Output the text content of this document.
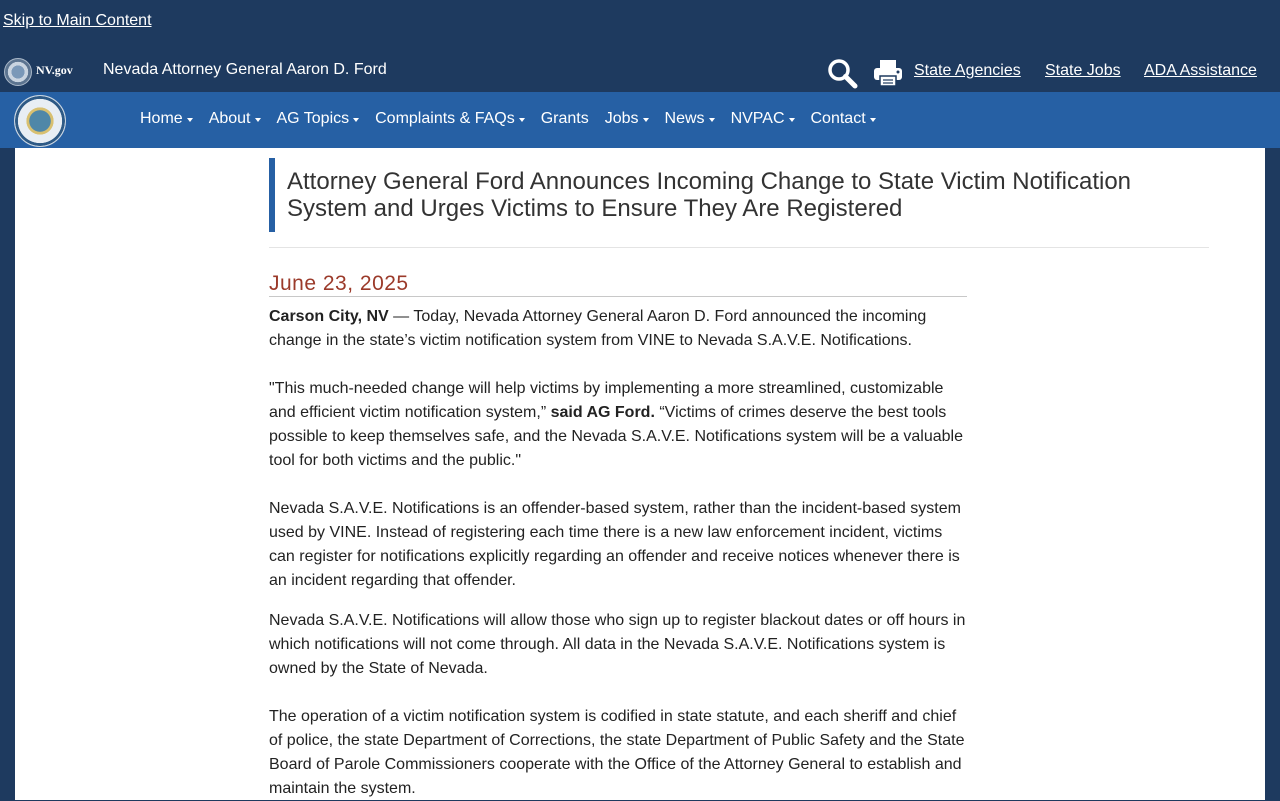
Skip to Main Content
NV.gov Nevada Attorney General Aaron D. Ford	State Agencies State Jobs ADA Assistance
Home About AG Topics Complaints & FAQs Grants Jobs News NVPAC Contact
Attorney General Ford Announces Incoming Change to State Victim Notification System and Urges Victims to Ensure They Are Registered
June 23, 2025

Carson City, NV — Today, Nevada Attorney General Aaron D. Ford announced the incoming change in the state’s victim notification system from VINE to Nevada S.A.V.E. Notifications.

"This much-needed change will help victims by implementing a more streamlined, customizable and efficient victim notification system,” said AG Ford. “Victims of crimes deserve the best tools possible to keep themselves safe, and the Nevada S.A.V.E. Notifications system will be a valuable tool for both victims and the public."

Nevada S.A.V.E. Notifications is an offender-based system, rather than the incident-based system used by VINE. Instead of registering each time there is a new law enforcement incident, victims can register for notifications explicitly regarding an offender and receive notices whenever there is an incident regarding that offender.

Nevada S.A.V.E. Notifications will allow those who sign up to register blackout dates or off hours in which notifications will not come through. All data in the Nevada S.A.V.E. Notifications system is owned by the State of Nevada.

The operation of a victim notification system is codified in state statute, and each sheriff and chief of police, the state Department of Corrections, the state Department of Public Safety and the State Board of Parole Commissioners cooperate with the Office of the Attorney General to establish and maintain the system.
